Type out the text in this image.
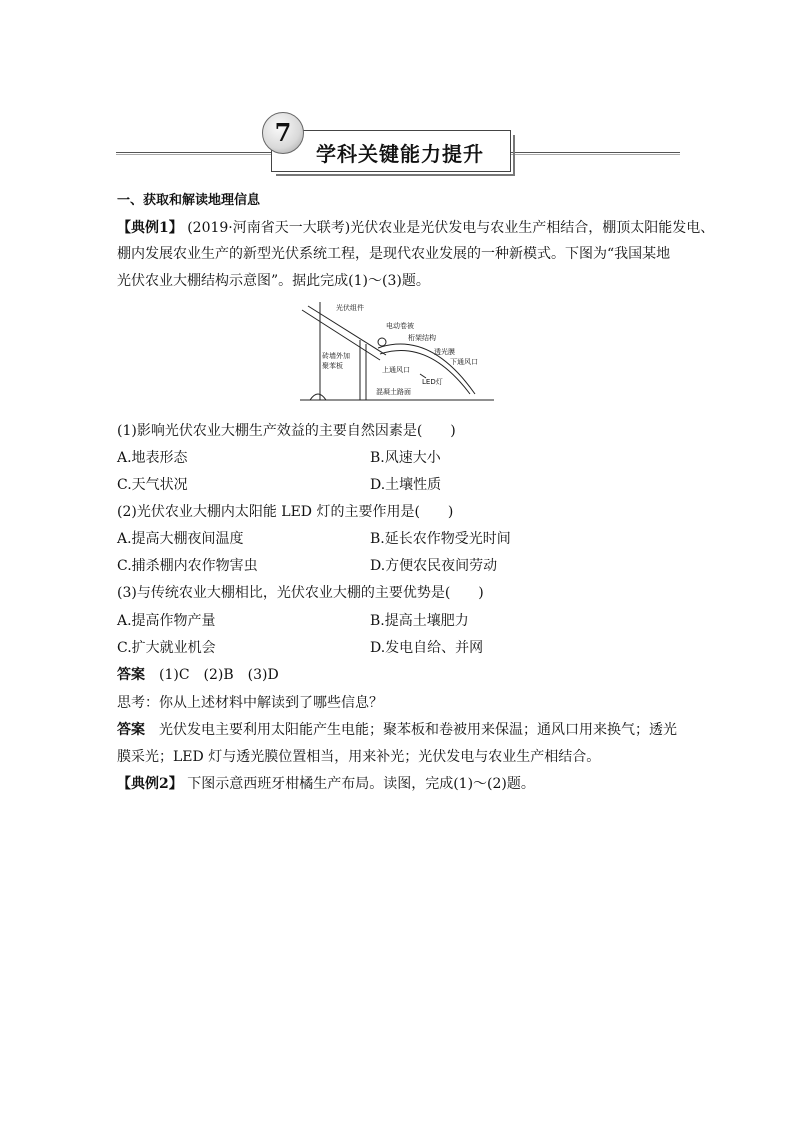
学科关键能力提升
7
一、获取和解读地理信息
【典例1】 (2019·河南省天一大联考)光伏农业是光伏发电与农业生产相结合，棚顶太阳能发电、
棚内发展农业生产的新型光伏系统工程，是现代农业发展的一种新模式。下图为“我国某地
光伏农业大棚结构示意图”。据此完成(1)～(3)题。
光伏组件
电动卷被
桁架结构
透光膜
下通风口
砖墙外加
聚苯板	上通风口
LED灯
混凝土路面
(1)影响光伏农业大棚生产效益的主要自然因素是(　　)
A.地表形态	B.风速大小
C.天气状况	D.土壤性质
(2)光伏农业大棚内太阳能 LED 灯的主要作用是(　　)
A.提高大棚夜间温度	B.延长农作物受光时间
C.捕杀棚内农作物害虫	D.方便农民夜间劳动
(3)与传统农业大棚相比，光伏农业大棚的主要优势是(　　)
A.提高作物产量	B.提高土壤肥力
C.扩大就业机会	D.发电自给、并网
答案　 (1)C　(2)B　(3)D
思考：你从上述材料中解读到了哪些信息？
答案　 光伏发电主要利用太阳能产生电能；聚苯板和卷被用来保温；通风口用来换气；透光
膜采光；LED 灯与透光膜位置相当，用来补光；光伏发电与农业生产相结合。
【典例2】 下图示意西班牙柑橘生产布局。读图，完成(1)～(2)题。
